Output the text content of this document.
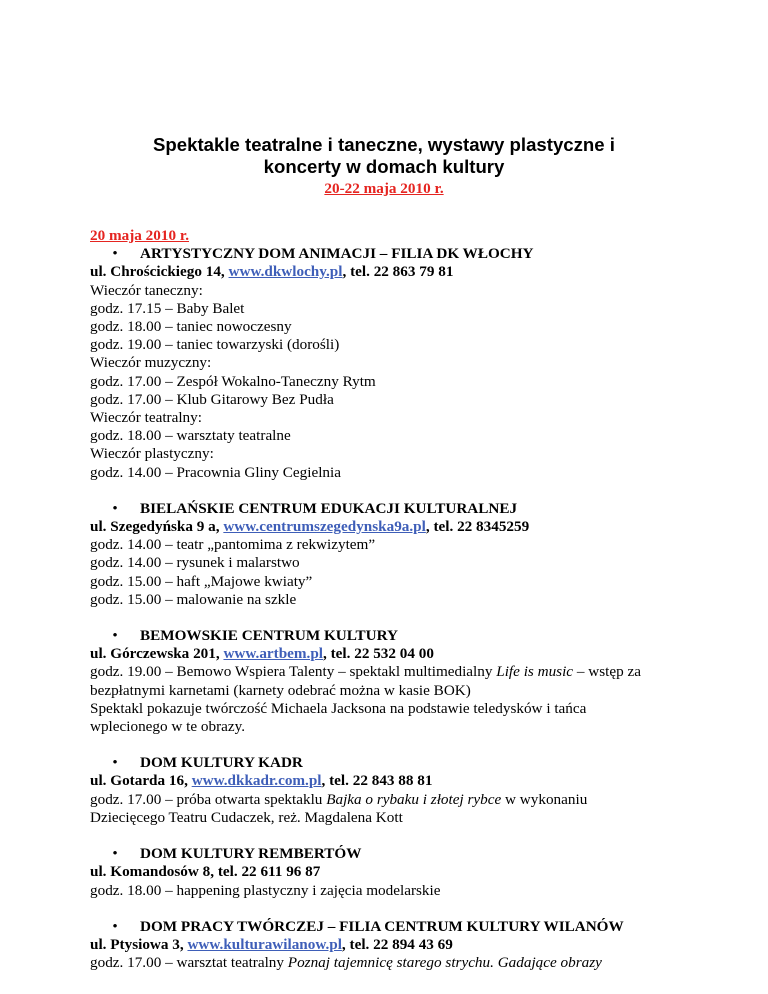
Spektakle teatralne i taneczne, wystawy plastyczne i
koncerty w domach kultury
20-22 maja 2010 r.
20 maja 2010 r.
•	ARTYSTYCZNY DOM ANIMACJI – FILIA DK WŁOCHY
ul. Chrościckiego 14, www.dkwlochy.pl, tel. 22 863 79 81
Wieczór taneczny:
godz. 17.15 – Baby Balet
godz. 18.00 – taniec nowoczesny
godz. 19.00 – taniec towarzyski (dorośli)
Wieczór muzyczny:
godz. 17.00 – Zespół Wokalno-Taneczny Rytm
godz. 17.00 – Klub Gitarowy Bez Pudła
Wieczór teatralny:
godz. 18.00 – warsztaty teatralne
Wieczór plastyczny:
godz. 14.00 – Pracownia Gliny Cegielnia
•	BIELAŃSKIE CENTRUM EDUKACJI KULTURALNEJ
ul. Szegedyńska 9 a, www.centrumszegedynska9a.pl, tel. 22 8345259
godz. 14.00 – teatr „pantomima z rekwizytem”
godz. 14.00 – rysunek i malarstwo
godz. 15.00 – haft „Majowe kwiaty”
godz. 15.00 – malowanie na szkle
•	BEMOWSKIE CENTRUM KULTURY
ul. Górczewska 201, www.artbem.pl, tel. 22 532 04 00
godz. 19.00 – Bemowo Wspiera Talenty – spektakl multimedialny Life is music – wstęp za
bezpłatnymi karnetami (karnety odebrać można w kasie BOK)
Spektakl pokazuje twórczość Michaela Jacksona na podstawie teledysków i tańca
wplecionego w te obrazy.
•	DOM KULTURY KADR
ul. Gotarda 16, www.dkkadr.com.pl, tel. 22 843 88 81
godz. 17.00 – próba otwarta spektaklu Bajka o rybaku i złotej rybce w wykonaniu
Dziecięcego Teatru Cudaczek, reż. Magdalena Kott
•	DOM KULTURY REMBERTÓW
ul. Komandosów 8, tel. 22 611 96 87
godz. 18.00 – happening plastyczny i zajęcia modelarskie
•	DOM PRACY TWÓRCZEJ – FILIA CENTRUM KULTURY WILANÓW
ul. Ptysiowa 3, www.kulturawilanow.pl, tel. 22 894 43 69
godz. 17.00 – warsztat teatralny Poznaj tajemnicę starego strychu. Gadające obrazy
